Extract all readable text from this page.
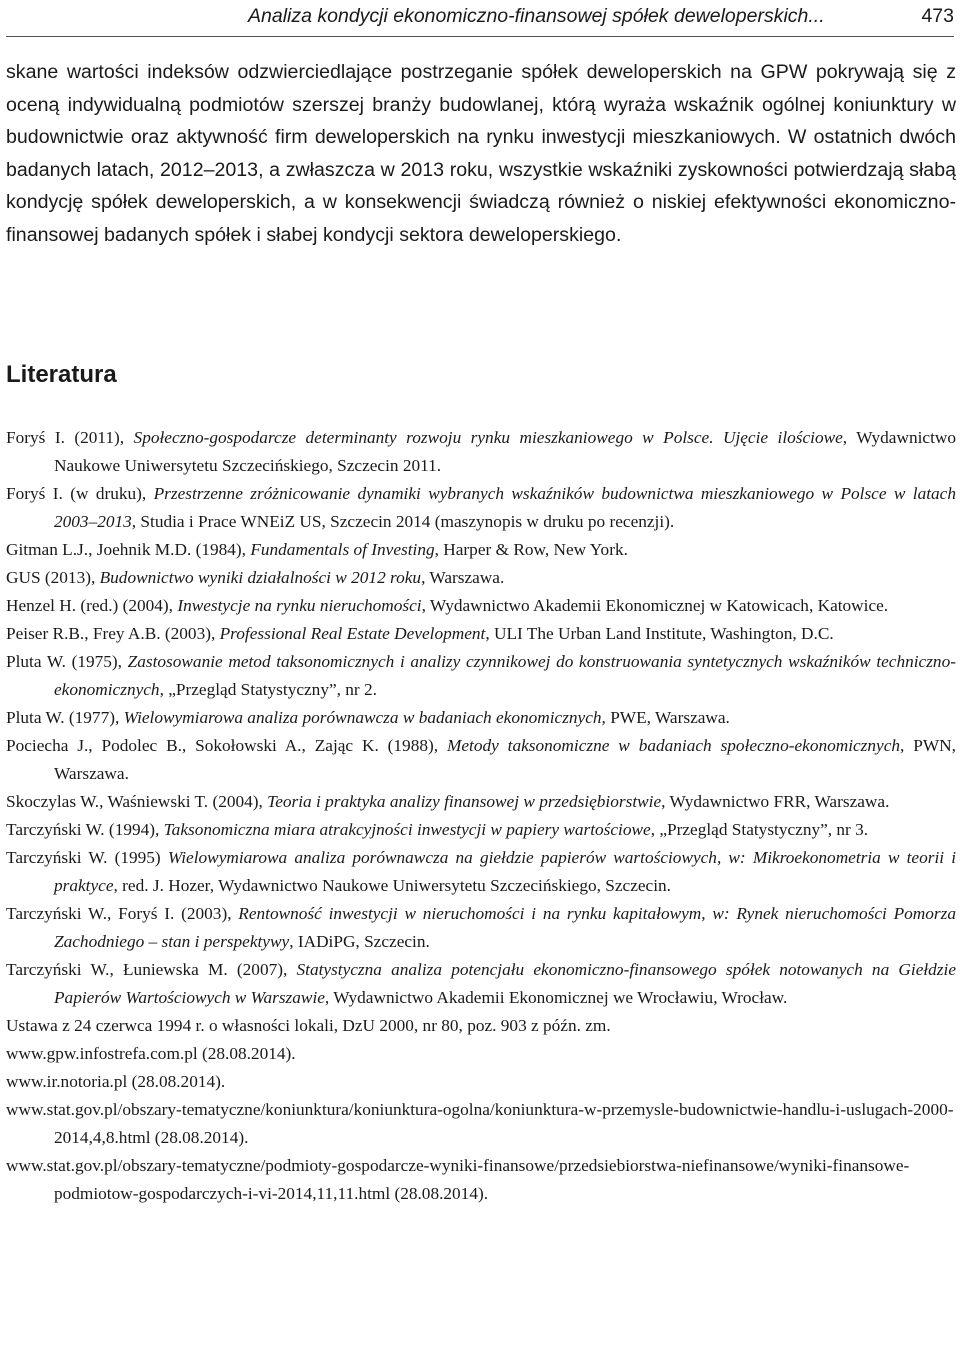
Analiza kondycji ekonomiczno-finansowej spółek deweloperskich...	473

skane wartości indeksów odzwierciedlające postrzeganie spółek deweloperskich na GPW pokrywają się z oceną indywidualną podmiotów szerszej branży budowlanej, którą wyraża wskaźnik ogólnej koniunktury w budownictwie oraz aktywność firm deweloperskich na rynku inwestycji mieszkaniowych. W ostatnich dwóch badanych latach, 2012–2013, a zwłaszcza w 2013 roku, wszystkie wskaźniki zyskowności potwierdzają słabą kondycję spółek deweloperskich, a w konsekwencji świadczą również o niskiej efektywności ekonomiczno-finansowej badanych spółek i słabej kondycji sektora deweloperskiego.

Literatura
Foryś I. (2011), Społeczno-gospodarcze determinanty rozwoju rynku mieszkaniowego w Polsce. Ujęcie ilościowe, Wydawnictwo Naukowe Uniwersytetu Szczecińskiego, Szczecin 2011.
Foryś I. (w druku), Przestrzenne zróżnicowanie dynamiki wybranych wskaźników budownictwa mieszkaniowego w Polsce w latach 2003–2013, Studia i Prace WNEiZ US, Szczecin 2014 (maszynopis w druku po recenzji).
Gitman L.J., Joehnik M.D. (1984), Fundamentals of Investing, Harper & Row, New York.
GUS (2013), Budownictwo wyniki działalności w 2012 roku, Warszawa.
Henzel H. (red.) (2004), Inwestycje na rynku nieruchomości, Wydawnictwo Akademii Ekonomicznej w Katowicach, Katowice.
Peiser R.B., Frey A.B. (2003), Professional Real Estate Development, ULI The Urban Land Institute, Washington, D.C.
Pluta W. (1975), Zastosowanie metod taksonomicznych i analizy czynnikowej do konstruowania syntetycznych wskaźników techniczno-ekonomicznych, „Przegląd Statystyczny”, nr 2.
Pluta W. (1977), Wielowymiarowa analiza porównawcza w badaniach ekonomicznych, PWE, Warszawa.
Pociecha J., Podolec B., Sokołowski A., Zając K. (1988), Metody taksonomiczne w badaniach społeczno-ekonomicznych, PWN, Warszawa.
Skoczylas W., Waśniewski T. (2004), Teoria i praktyka analizy finansowej w przedsiębiorstwie, Wydawnictwo FRR, Warszawa.
Tarczyński W. (1994), Taksonomiczna miara atrakcyjności inwestycji w papiery wartościowe, „Przegląd Statystyczny”, nr 3.
Tarczyński W. (1995) Wielowymiarowa analiza porównawcza na giełdzie papierów wartościowych, w: Mikroekonometria w teorii i praktyce, red. J. Hozer, Wydawnictwo Naukowe Uniwersytetu Szczecińskiego, Szczecin.
Tarczyński W., Foryś I. (2003), Rentowność inwestycji w nieruchomości i na rynku kapitałowym, w: Rynek nieruchomości Pomorza Zachodniego – stan i perspektywy, IADiPG, Szczecin.
Tarczyński W., Łuniewska M. (2007), Statystyczna analiza potencjału ekonomiczno-finansowego spółek notowanych na Giełdzie Papierów Wartościowych w Warszawie, Wydawnictwo Akademii Ekonomicznej we Wrocławiu, Wrocław.
Ustawa z 24 czerwca 1994 r. o własności lokali, DzU 2000, nr 80, poz. 903 z późn. zm.
www.gpw.infostrefa.com.pl (28.08.2014).
www.ir.notoria.pl (28.08.2014).
www.stat.gov.pl/obszary-tematyczne/koniunktura/koniunktura-ogolna/koniunktura-w-przemysle-budownictwie-handlu-i-uslugach-2000-2014,4,8.html (28.08.2014).
www.stat.gov.pl/obszary-tematyczne/podmioty-gospodarcze-wyniki-finansowe/przedsiebiorstwa-niefinansowe/wyniki-finansowe-podmiotow-gospodarczych-i-vi-2014,11,11.html (28.08.2014).
